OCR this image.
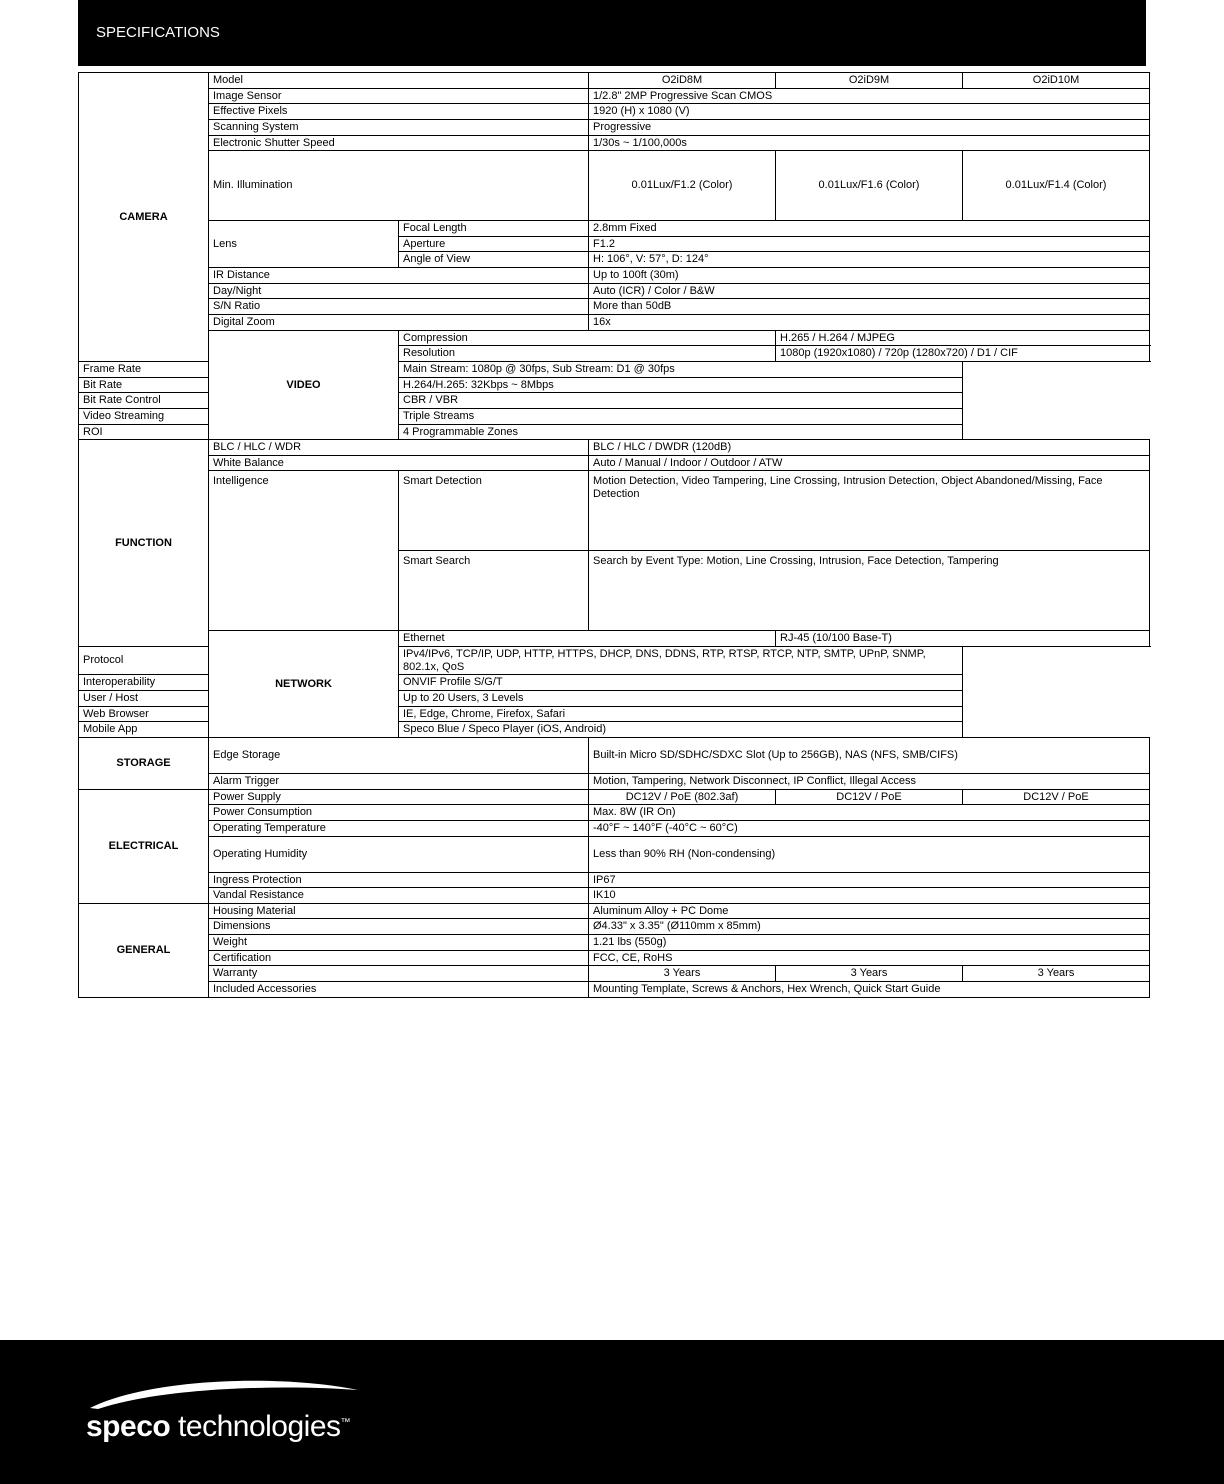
SPECIFICATIONS
CAMERA	Model		O2iD8M	O2iD9M	O2iD10M
	Image Sensor		1/2.8" 2MP Progressive Scan CMOS		
	Effective Pixels		1920 (H) x 1080 (V)		
	Scanning System		Progressive		
	Electronic Shutter Speed		1/30s ~ 1/100,000s		
	Min. Illumination		0.01Lux/F1.2 (Color)	0.01Lux/F1.6 (Color)	0.01Lux/F1.4 (Color)
	Lens	Focal Length	2.8mm Fixed		
		Aperture	F1.2		
		Angle of View	H: 106°, V: 57°, D: 124°		
	IR Distance		Up to 100ft (30m)		
	Day/Night		Auto (ICR) / Color / B&W		
	S/N Ratio		More than 50dB		
	Digital Zoom		16x		
	VIDEO	Compression		H.265 / H.264 / MJPEG	
		Resolution		1080p (1920x1080) / 720p (1280x720) / D1 / CIF	
Frame Rate		Main Stream: 1080p @ 30fps, Sub Stream: D1 @ 30fps			
Bit Rate		H.264/H.265: 32Kbps ~ 8Mbps			
Bit Rate Control		CBR / VBR			
Video Streaming		Triple Streams			
ROI		4 Programmable Zones			
FUNCTION	BLC / HLC / WDR		BLC / HLC / DWDR (120dB)		
	White Balance		Auto / Manual / Indoor / Outdoor / ATW		
	Intelligence	Smart Detection	Motion Detection, Video Tampering, Line Crossing, Intrusion Detection, Object Abandoned/Missing, Face Detection		
		Smart Search	Search by Event Type: Motion, Line Crossing, Intrusion, Face Detection, Tampering		
	NETWORK	Ethernet		RJ-45 (10/100 Base-T)	
Protocol		IPv4/IPv6, TCP/IP, UDP, HTTP, HTTPS, DHCP, DNS, DDNS, RTP, RTSP, RTCP, NTP, SMTP, UPnP, SNMP, 802.1x, QoS			
Interoperability		ONVIF Profile S/G/T			
User / Host		Up to 20 Users, 3 Levels			
Web Browser		IE, Edge, Chrome, Firefox, Safari			
Mobile App		Speco Blue / Speco Player (iOS, Android)			
STORAGE	Edge Storage		Built-in Micro SD/SDHC/SDXC Slot (Up to 256GB), NAS (NFS, SMB/CIFS)		
	Alarm Trigger		Motion, Tampering, Network Disconnect, IP Conflict, Illegal Access		
ELECTRICAL	Power Supply		DC12V / PoE (802.3af)	DC12V / PoE	DC12V / PoE
	Power Consumption		Max. 8W (IR On)		
	Operating Temperature		-40°F ~ 140°F (-40°C ~ 60°C)		
	Operating Humidity		Less than 90% RH (Non-condensing)		
	Ingress Protection		IP67		
	Vandal Resistance		IK10		
GENERAL	Housing Material		Aluminum Alloy + PC Dome		
	Dimensions		Ø4.33" x 3.35" (Ø110mm x 85mm)		
	Weight		1.21 lbs (550g)		
	Certification		FCC, CE, RoHS		
	Warranty		3 Years	3 Years	3 Years
	Included Accessories		Mounting Template, Screws & Anchors, Hex Wrench, Quick Start Guide		
speco technologies™
